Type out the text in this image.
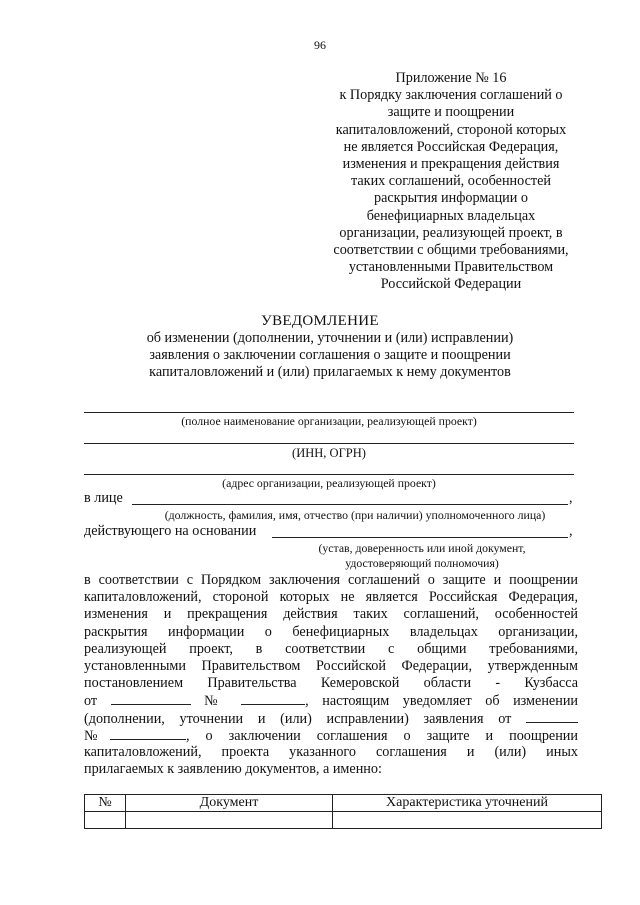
96
Приложение № 16
к Порядку заключения соглашений о
защите и поощрении
капиталовложений, стороной которых
не является Российская Федерация,
изменения и прекращения действия
таких соглашений, особенностей
раскрытия информации о
бенефициарных владельцах
организации, реализующей проект, в
соответствии с общими требованиями,
установленными Правительством
Российской Федерации
УВЕДОМЛЕНИЕ
об изменении (дополнении, уточнении и (или) исправлении)
заявления о заключении соглашения о защите и поощрении
капиталовложений и (или) прилагаемых к нему документов
(полное наименование организации, реализующей проект)
(ИНН, ОГРН)
(адрес организации, реализующей проект)
в лице	,
(должность, фамилия, имя, отчество (при наличии) уполномоченного лица)
действующего на основании	,
(устав, доверенность или иной документ,
удостоверяющий полномочия)
в соответствии с Порядком заключения соглашений о защите и поощрении
капиталовложений, стороной которых не является Российская Федерация,
изменения и прекращения действия таких соглашений, особенностей
раскрытия информации о бенефициарных владельцах организации,
реализующей проект, в соответствии с общими требованиями,
установленными Правительством Российской Федерации, утвержденным
постановлением Правительства Кемеровской области - Кузбасса
от	№	, настоящим уведомляет об изменении
(дополнении, уточнении и (или) исправлении) заявления от
№	, о заключении соглашения о защите и поощрении
капиталовложений, проекта указанного соглашения и (или) иных
прилагаемых к заявлению документов, а именно:
№	Документ	Характеристика уточнений
